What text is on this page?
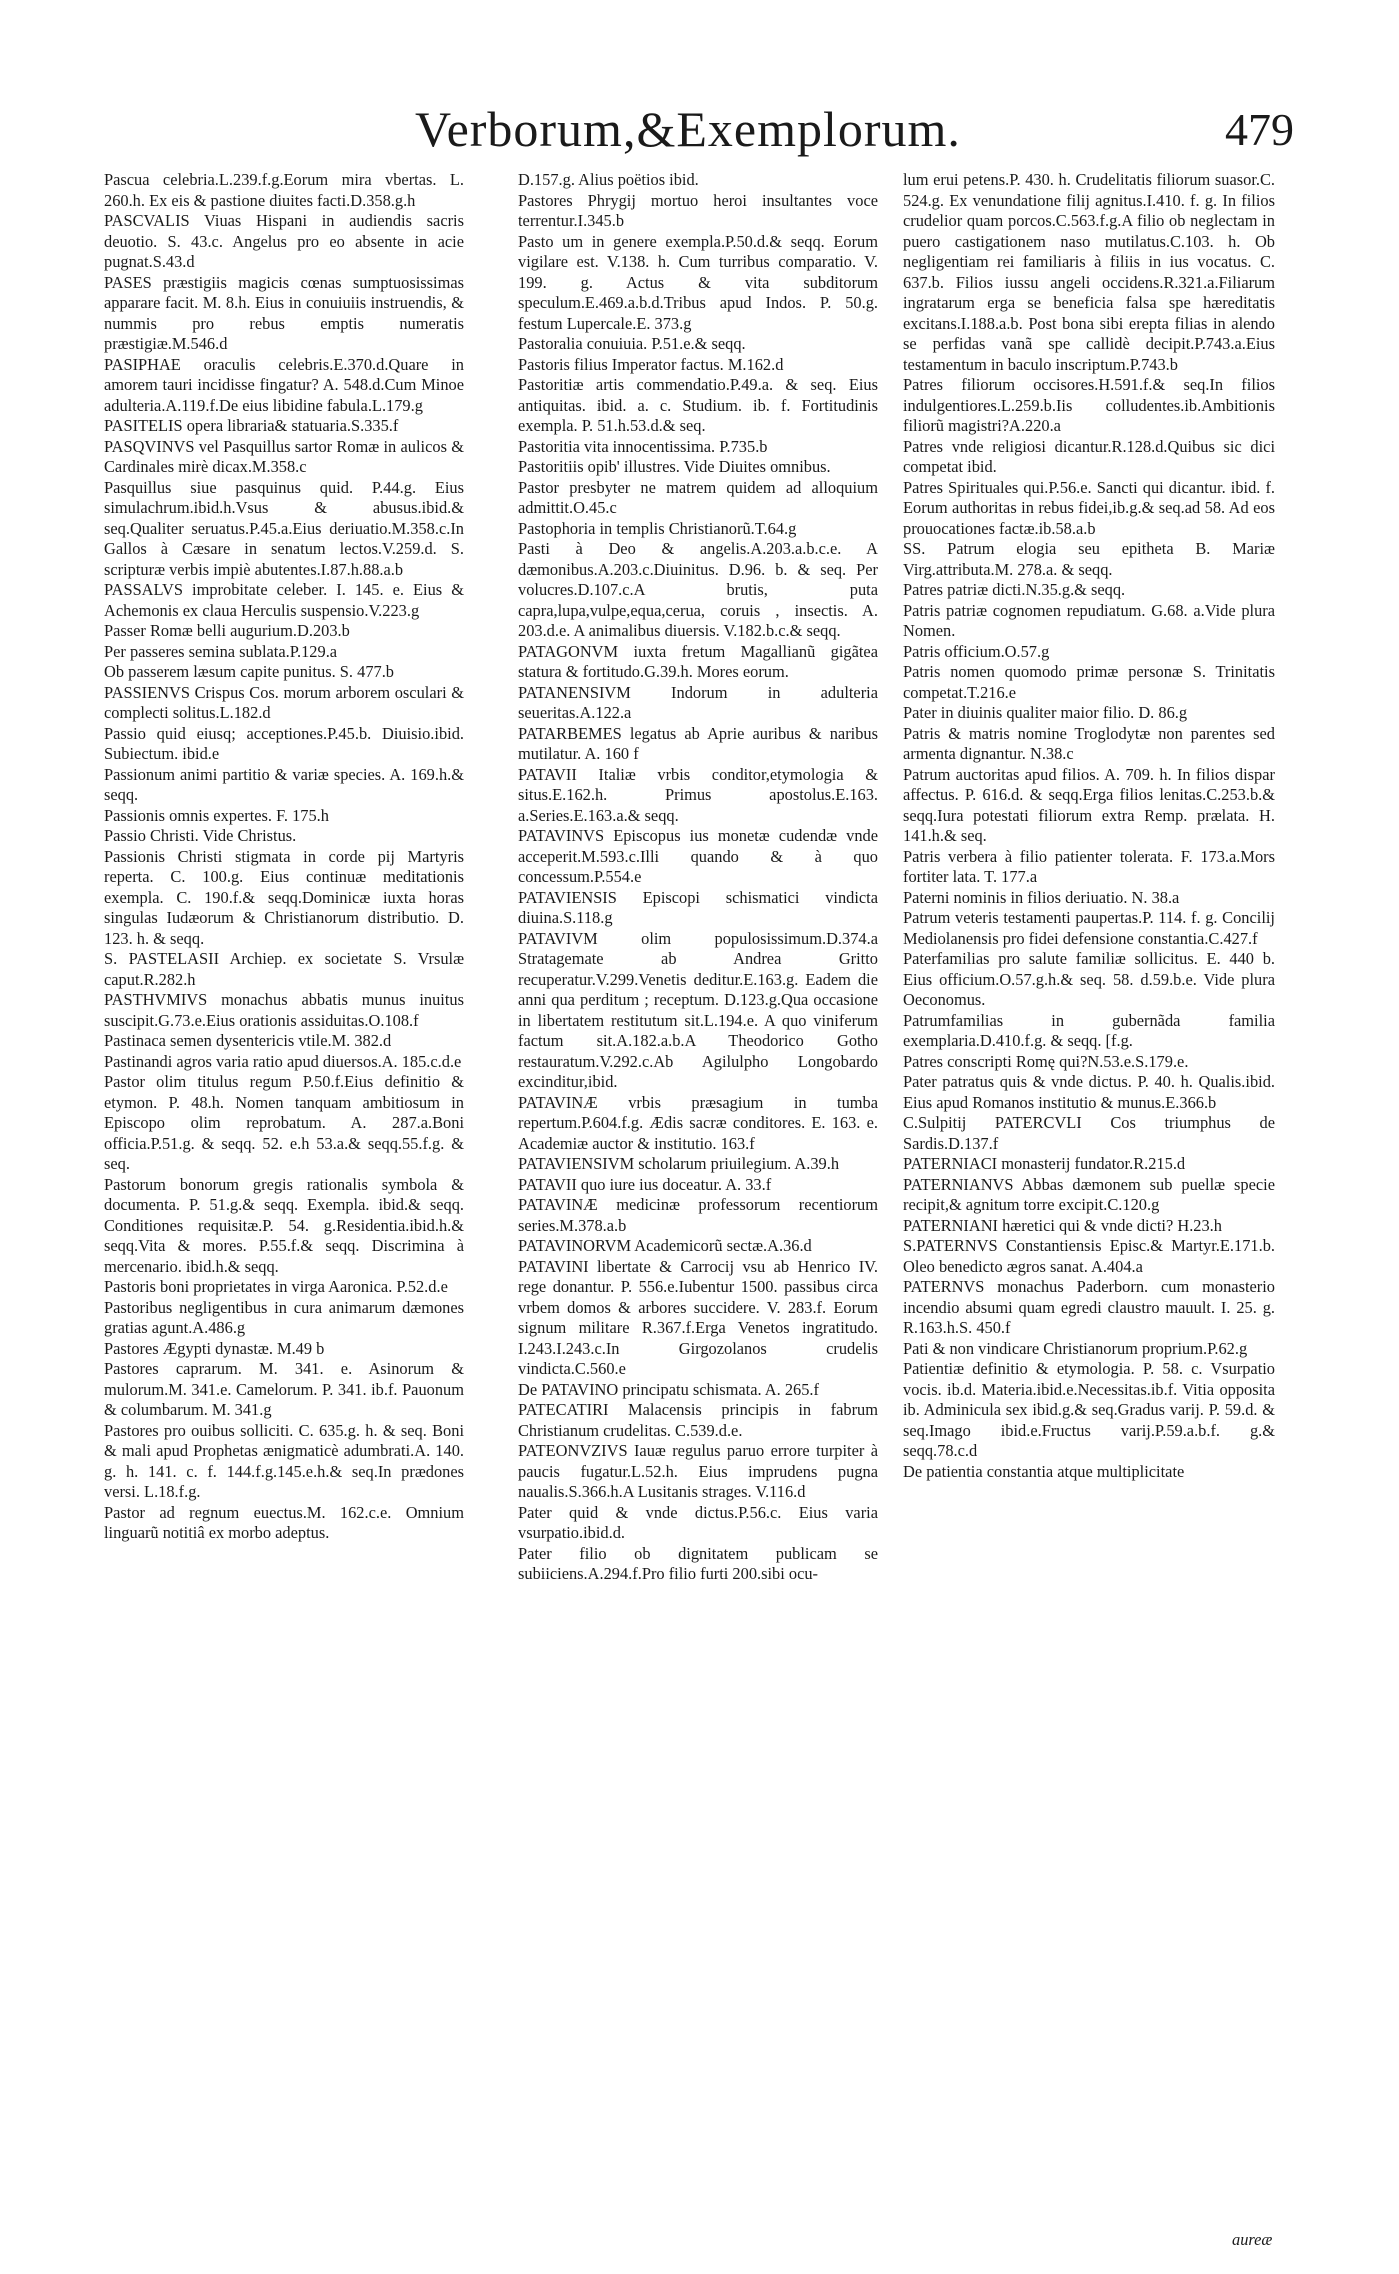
Verborum,&Exemplorum.	479

Pascua celebria.L.239.f.g.Eorum mira vbertas. L. 260.h. Ex eis & pastione diuites facti.D.358.g.h

PASCVALIS Viuas Hispani in audiendis sacris deuotio. S. 43.c. Angelus pro eo absente in acie pugnat.S.43.d

PASES præstigiis magicis cœnas sumptuosissimas apparare facit. M. 8.h. Eius in conuiuiis instruendis, & nummis pro rebus emptis numeratis præstigiæ.M.546.d

PASIPHAE oraculis celebris.E.370.d.Quare in amorem tauri incidisse fingatur? A. 548.d.Cum Minoe adulteria.A.119.f.De eius libidine fabula.L.179.g

PASITELIS opera libraria& statuaria.S.335.f

PASQVINVS vel Pasquillus sartor Romæ in aulicos & Cardinales mirè dicax.M.358.c

Pasquillus siue pasquinus quid. P.44.g. Eius simulachrum.ibid.h.Vsus & abusus.ibid.& seq.Qualiter seruatus.P.45.a.Eius deriuatio.M.358.c.In Gallos à Cæsare in senatum lectos.V.259.d. S. scripturæ verbis impiè abutentes.I.87.h.88.a.b

PASSALVS improbitate celeber. I. 145. e. Eius & Achemonis ex claua Herculis suspensio.V.223.g

Passer Romæ belli augurium.D.203.b

Per passeres semina sublata.P.129.a

Ob passerem læsum capite punitus. S. 477.b

PASSIENVS Crispus Cos. morum arborem osculari & complecti solitus.L.182.d

Passio quid eiusq; acceptiones.P.45.b. Diuisio.ibid. Subiectum. ibid.e

Passionum animi partitio & variæ species. A. 169.h.& seqq.

Passionis omnis expertes. F. 175.h

Passio Christi. Vide Christus.

Passionis Christi stigmata in corde pij Martyris reperta. C. 100.g. Eius continuæ meditationis exempla. C. 190.f.& seqq.Dominicæ iuxta horas singulas Iudæorum & Christianorum distributio. D. 123. h. & seqq.

S. PASTELASII Archiep. ex societate S. Vrsulæ caput.R.282.h

PASTHVMIVS monachus abbatis munus inuitus suscipit.G.73.e.Eius orationis assiduitas.O.108.f

Pastinaca semen dysentericis vtile.M. 382.d

Pastinandi agros varia ratio apud diuersos.A. 185.c.d.e

Pastor olim titulus regum P.50.f.Eius definitio & etymon. P. 48.h. Nomen tanquam ambitiosum in Episcopo olim reprobatum. A. 287.a.Boni officia.P.51.g. & seqq. 52. e.h 53.a.& seqq.55.f.g. & seq.

Pastorum bonorum gregis rationalis symbola & documenta. P. 51.g.& seqq. Exempla. ibid.& seqq. Conditiones requisitæ.P. 54. g.Residentia.ibid.h.& seqq.Vita & mores. P.55.f.& seqq. Discrimina à mercenario. ibid.h.& seqq.

Pastoris boni proprietates in virga Aaronica. P.52.d.e

Pastoribus negligentibus in cura animarum dæmones gratias agunt.A.486.g

Pastores Ægypti dynastæ. M.49 b

Pastores caprarum. M. 341. e. Asinorum & mulorum.M. 341.e. Camelorum. P. 341. ib.f. Pauonum & columbarum. M. 341.g

Pastores pro ouibus solliciti. C. 635.g. h. & seq. Boni & mali apud Prophetas ænigmaticè adumbrati.A. 140. g. h. 141. c. f. 144.f.g.145.e.h.& seq.In prædones versi. L.18.f.g.

Pastor ad regnum euectus.M. 162.c.e. Omnium linguarũ notitiâ ex morbo adeptus.

D.157.g. Alius poëtios ibid.

Pastores Phrygij mortuo heroi insultantes voce terrentur.I.345.b

Pasto um in genere exempla.P.50.d.& seqq. Eorum vigilare est. V.138. h. Cum turribus comparatio. V. 199. g. Actus & vita subditorum speculum.E.469.a.b.d.Tribus apud Indos. P. 50.g. festum Lupercale.E. 373.g

Pastoralia conuiuia. P.51.e.& seqq.

Pastoris filius Imperator factus. M.162.d

Pastoritiæ artis commendatio.P.49.a. & seq. Eius antiquitas. ibid. a. c. Studium. ib. f. Fortitudinis exempla. P. 51.h.53.d.& seq.

Pastoritia vita innocentissima. P.735.b

Pastoritiis opib' illustres. Vide Diuites omnibus.

Pastor presbyter ne matrem quidem ad alloquium admittit.O.45.c

Pastophoria in templis Christianorũ.T.64.g

Pasti à Deo & angelis.A.203.a.b.c.e. A dæmonibus.A.203.c.Diuinitus. D.96. b. & seq. Per volucres.D.107.c.A brutis, puta capra,lupa,vulpe,equa,cerua, coruis , insectis. A. 203.d.e. A animalibus diuersis. V.182.b.c.& seqq.

PATAGONVM iuxta fretum Magallianũ gigãtea statura & fortitudo.G.39.h. Mores eorum.

PATANENSIVM Indorum in adulteria seueritas.A.122.a

PATARBEMES legatus ab Aprie auribus & naribus mutilatur. A. 160 f

PATAVII Italiæ vrbis conditor,etymologia & situs.E.162.h. Primus apostolus.E.163. a.Series.E.163.a.& seqq.

PATAVINVS Episcopus ius monetæ cudendæ vnde acceperit.M.593.c.Illi quando & à quo concessum.P.554.e

PATAVIENSIS Episcopi schismatici vindicta diuina.S.118.g

PATAVIVM olim populosissimum.D.374.a Stratagemate ab Andrea Gritto recuperatur.V.299.Venetis deditur.E.163.g. Eadem die anni qua perditum ; receptum. D.123.g.Qua occasione in libertatem restitutum sit.L.194.e. A quo viniferum factum sit.A.182.a.b.A Theodorico Gotho restauratum.V.292.c.Ab Agilulpho Longobardo excinditur,ibid.

PATAVINÆ vrbis præsagium in tumba repertum.P.604.f.g. Ædis sacræ conditores. E. 163. e. Academiæ auctor & institutio. 163.f

PATAVIENSIVM scholarum priuilegium. A.39.h

PATAVII quo iure ius doceatur. A. 33.f

PATAVINÆ medicinæ professorum recentiorum series.M.378.a.b

PATAVINORVM Academicorũ sectæ.A.36.d

PATAVINI libertate & Carrocij vsu ab Henrico IV. rege donantur. P. 556.e.Iubentur 1500. passibus circa vrbem domos & arbores succidere. V. 283.f. Eorum signum militare R.367.f.Erga Venetos ingratitudo. I.243.I.243.c.In Girgozolanos crudelis vindicta.C.560.e

De PATAVINO principatu schismata. A. 265.f

PATECATIRI Malacensis principis in fabrum Christianum crudelitas. C.539.d.e.

PATEONVZIVS Iauæ regulus paruo errore turpiter à paucis fugatur.L.52.h. Eius imprudens pugna naualis.S.366.h.A Lusitanis strages. V.116.d

Pater quid & vnde dictus.P.56.c. Eius varia vsurpatio.ibid.d.

Pater filio ob dignitatem publicam se subiiciens.A.294.f.Pro filio furti 200.sibi ocu-

lum erui petens.P. 430. h. Crudelitatis filiorum suasor.C. 524.g. Ex venundatione filij agnitus.I.410. f. g. In filios crudelior quam porcos.C.563.f.g.A filio ob neglectam in puero castigationem naso mutilatus.C.103. h. Ob negligentiam rei familiaris à filiis in ius vocatus. C. 637.b. Filios iussu angeli occidens.R.321.a.Filiarum ingratarum erga se beneficia falsa spe hæreditatis excitans.I.188.a.b. Post bona sibi erepta filias in alendo se perfidas vanã spe callidè decipit.P.743.a.Eius testamentum in baculo inscriptum.P.743.b

Patres filiorum occisores.H.591.f.& seq.In filios indulgentiores.L.259.b.Iis colludentes.ib.Ambitionis filiorũ magistri?A.220.a

Patres vnde religiosi dicantur.R.128.d.Quibus sic dici competat ibid.

Patres Spirituales qui.P.56.e. Sancti qui dicantur. ibid. f. Eorum authoritas in rebus fidei,ib.g.& seq.ad 58. Ad eos prouocationes factæ.ib.58.a.b

SS. Patrum elogia seu epitheta B. Mariæ Virg.attributa.M. 278.a. & seqq.

Patres patriæ dicti.N.35.g.& seqq.

Patris patriæ cognomen repudiatum. G.68. a.Vide plura Nomen.

Patris officium.O.57.g

Patris nomen quomodo primæ personæ S. Trinitatis competat.T.216.e

Pater in diuinis qualiter maior filio. D. 86.g

Patris & matris nomine Troglodytæ non parentes sed armenta dignantur. N.38.c

Patrum auctoritas apud filios. A. 709. h. In filios dispar affectus. P. 616.d. & seqq.Erga filios lenitas.C.253.b.& seqq.Iura potestati filiorum extra Remp. prælata. H. 141.h.& seq.

Patris verbera à filio patienter tolerata. F. 173.a.Mors fortiter lata. T. 177.a

Paterni nominis in filios deriuatio. N. 38.a

Patrum veteris testamenti paupertas.P. 114. f. g. Concilij Mediolanensis pro fidei defensione constantia.C.427.f

Paterfamilias pro salute familiæ sollicitus. E. 440 b. Eius officium.O.57.g.h.& seq. 58. d.59.b.e. Vide plura Oeconomus.

Patrumfamilias in gubernãda familia exemplaria.D.410.f.g. & seqq. [f.g.

Patres conscripti Romę qui?N.53.e.S.179.e.

Pater patratus quis & vnde dictus. P. 40. h. Qualis.ibid. Eius apud Romanos institutio & munus.E.366.b

C.Sulpitij PATERCVLI Cos triumphus de Sardis.D.137.f

PATERNIACI monasterij fundator.R.215.d

PATERNIANVS Abbas dæmonem sub puellæ specie recipit,& agnitum torre excipit.C.120.g

PATERNIANI hæretici qui & vnde dicti? H.23.h

S.PATERNVS Constantiensis Episc.& Martyr.E.171.b. Oleo benedicto ægros sanat. A.404.a

PATERNVS monachus Paderborn. cum monasterio incendio absumi quam egredi claustro mauult. I. 25. g. R.163.h.S. 450.f

Pati & non vindicare Christianorum proprium.P.62.g

Patientiæ definitio & etymologia. P. 58. c. Vsurpatio vocis. ib.d. Materia.ibid.e.Necessitas.ib.f. Vitia opposita ib. Adminicula sex ibid.g.& seq.Gradus varij. P. 59.d. & seq.Imago ibid.e.Fructus varij.P.59.a.b.f. g.& seqq.78.c.d

De patientia constantia atque multiplicitate

aureæ
